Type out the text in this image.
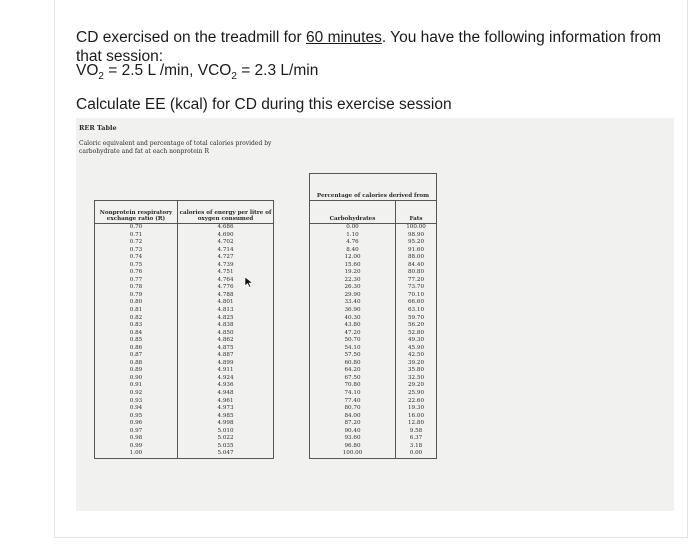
CD exercised on the treadmill for 60 minutes. You have the following information from that session:
$VO_2 = 2.5$ L /min, $VCO_2 = 2.3$ L/min
Calculate EE (kcal) for CD during this exercise session
RER Table
Caloric equivalent and percentage of total calories provided by carbohydrate and fat at each nonprotein R
			Percentage of calories derived from	
Nonprotein respiratory exchange ratio (R)	calories of energy per litre of oxygen consumed		Carbohydrates	Fats
0.70	4.686		0.00	100.00
0.71	4.690		1.10	98.90
0.72	4.702		4.76	95.20
0.73	4.714		8.40	91.60
0.74	4.727		12.00	88.00
0.75	4.739		15.60	84.40
0.76	4.751		19.20	80.80
0.77	4.764		22.30	77.20
0.78	4.776		26.30	73.70
0.79	4.788		29.90	70.10
0.80	4.801		33.40	66.60
0.81	4.813		36.90	63.10
0.82	4.825		40.30	59.70
0.83	4.838		43.80	56.20
0.84	4.850		47.20	52.80
0.85	4.862		50.70	49.30
0.86	4.875		54.10	45.90
0.87	4.887		57.50	42.50
0.88	4.899		60.80	39.20
0.89	4.911		64.20	35.80
0.90	4.924		67.50	32.50
0.91	4.936		70.80	29.20
0.92	4.948		74.10	25.90
0.93	4.961		77.40	22.60
0.94	4.973		80.70	19.30
0.95	4.985		84.00	16.00
0.96	4.998		87.20	12.80
0.97	5.010		90.40	9.58
0.98	5.022		93.60	6.37
0.99	5.035		96.80	3.18
1.00	5.047		100.00	0.00
